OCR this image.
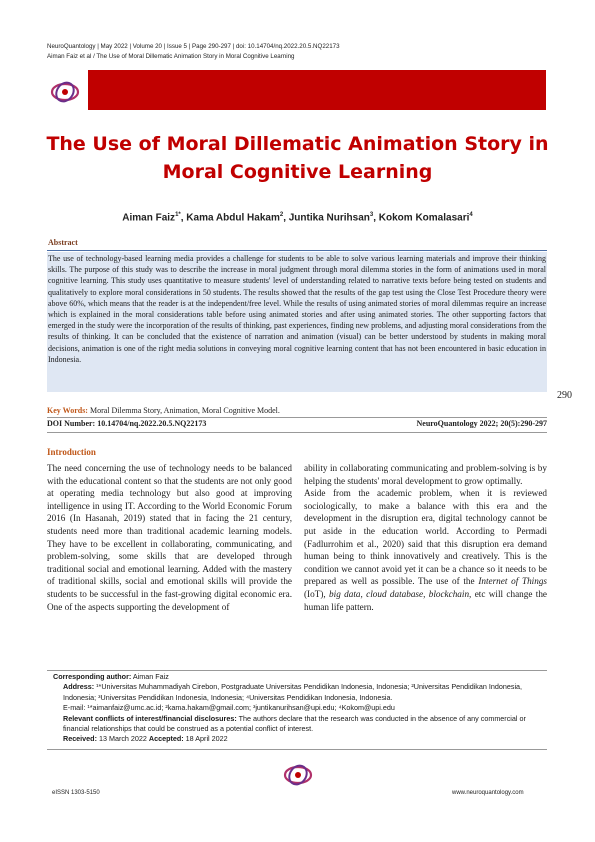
NeuroQuantology | May 2022 | Volume 20 | Issue 5 | Page 290-297 | doi: 10.14704/nq.2022.20.5.NQ22173
Aiman Faiz et al / The Use of Moral Dillematic Animation Story in Moral Cognitive Learning
The Use of Moral Dillematic Animation Story in
Moral Cognitive Learning
Aiman Faiz$^{1*}$, Kama Abdul Hakam$^2$, Juntika Nurihsan$^3$, Kokom Komalasari$^4$
Abstract
The use of technology-based learning media provides a challenge for students to be able to solve various learning materials and improve their thinking skills. The purpose of this study was to describe the increase in moral judgment through moral dilemma stories in the form of animations used in moral cognitive learning. This study uses quantitative to measure students' level of understanding related to narrative texts before being tested on students and qualitatively to explore moral considerations in 50 students. The results showed that the results of the gap test using the Close Test Procedure theory were above 60%, which means that the reader is at the independent/free level. While the results of using animated stories of moral dilemmas require an increase which is explained in the moral considerations table before using animated stories and after using animated stories. The other supporting factors that emerged in the study were the incorporation of the results of thinking, past experiences, finding new problems, and adjusting moral considerations from the results of thinking. It can be concluded that the existence of narration and animation (visual) can be better understood by students in making moral decisions, animation is one of the right media solutions in conveying moral cognitive learning content that has not been encountered in basic education in Indonesia.
290
Key Words: Moral Dilemma Story, Animation, Moral Cognitive Model.
DOI Number: 10.14704/nq.2022.20.5.NQ22173	NeuroQuantology 2022; 20(5):290-297
Introduction
The need concerning the use of technology needs to be balanced with the educational content so that the students are not only good at operating media technology but also good at improving intelligence in using IT. According to the World Economic Forum 2016 (In Hasanah, 2019) stated that in facing the 21 century, students need more than traditional academic learning models. They have to be excellent in collaborating, communicating, and problem-solving, some skills that are developed through traditional social and emotional learning. Added with the mastery of traditional skills, social and emotional skills will provide the students to be successful in the fast-growing digital economic era. One of the aspects supporting the development of
ability in collaborating communicating and problem-solving is by helping the students' moral development to grow optimally.
Aside from the academic problem, when it is reviewed sociologically, to make a balance with this era and the development in the disruption era, digital technology cannot be put aside in the education world. According to Permadi (Fadlurrohim et al., 2020) said that this disruption era demand human being to think innovatively and creatively. This is the condition we cannot avoid yet it can be a chance so it needs to be prepared as well as possible. The use of the Internet of Things (IoT), big data, cloud database, blockchain, etc will change the human life pattern.
Corresponding author: Aiman Faiz
Address: ¹*Universitas Muhammadiyah Cirebon, Postgraduate Universitas Pendidikan Indonesia, Indonesia; ²Universitas Pendidikan Indonesia, Indonesia; ³Universitas Pendidikan Indonesia, Indonesia; ⁴Universitas Pendidikan Indonesia, Indonesia.
E-mail: ¹*aimanfaiz@umc.ac.id; ²kama.hakam@gmail.com; ³juntikanurihsan@upi.edu; ⁴Kokom@upi.edu
Relevant conflicts of interest/financial disclosures: The authors declare that the research was conducted in the absence of any commercial or financial relationships that could be construed as a potential conflict of interest.
Received: 13 March 2022 Accepted: 18 April 2022
eISSN 1303-5150	www.neuroquantology.com
